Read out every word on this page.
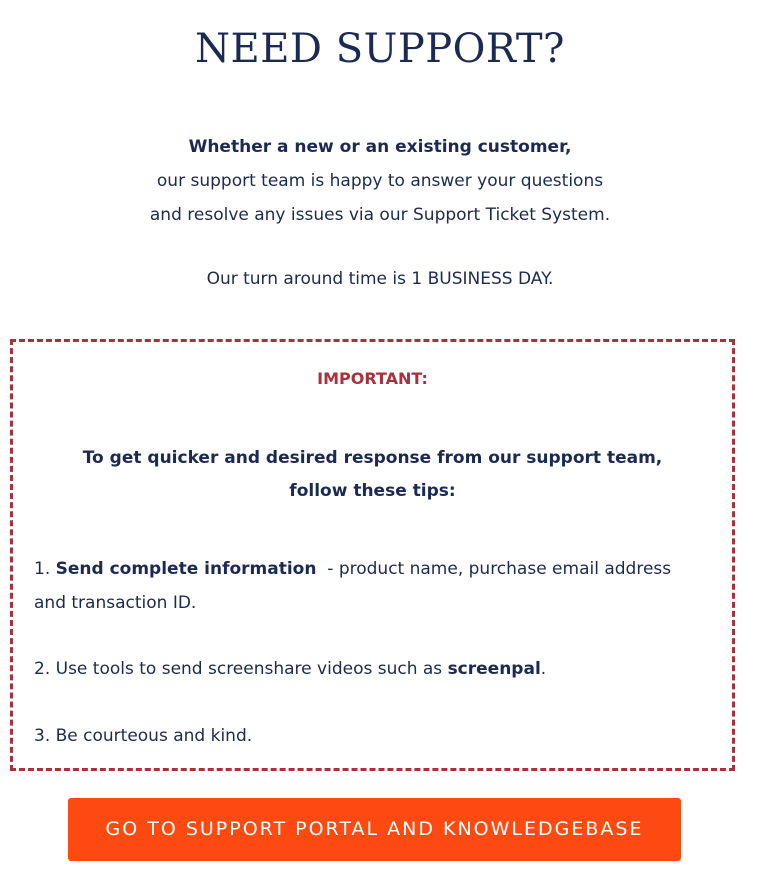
NEED SUPPORT?
Whether a new or an existing customer,
our support team is happy to answer your questions
and resolve any issues via our Support Ticket System.
Our turn around time is 1 BUSINESS DAY.
IMPORTANT:
To get quicker and desired response from our support team,
follow these tips:
1. Send complete information  - product name, purchase email address and transaction ID.
2. Use tools to send screenshare videos such as screenpal.
3. Be courteous and kind.
GO TO SUPPORT PORTAL AND KNOWLEDGEBASE
